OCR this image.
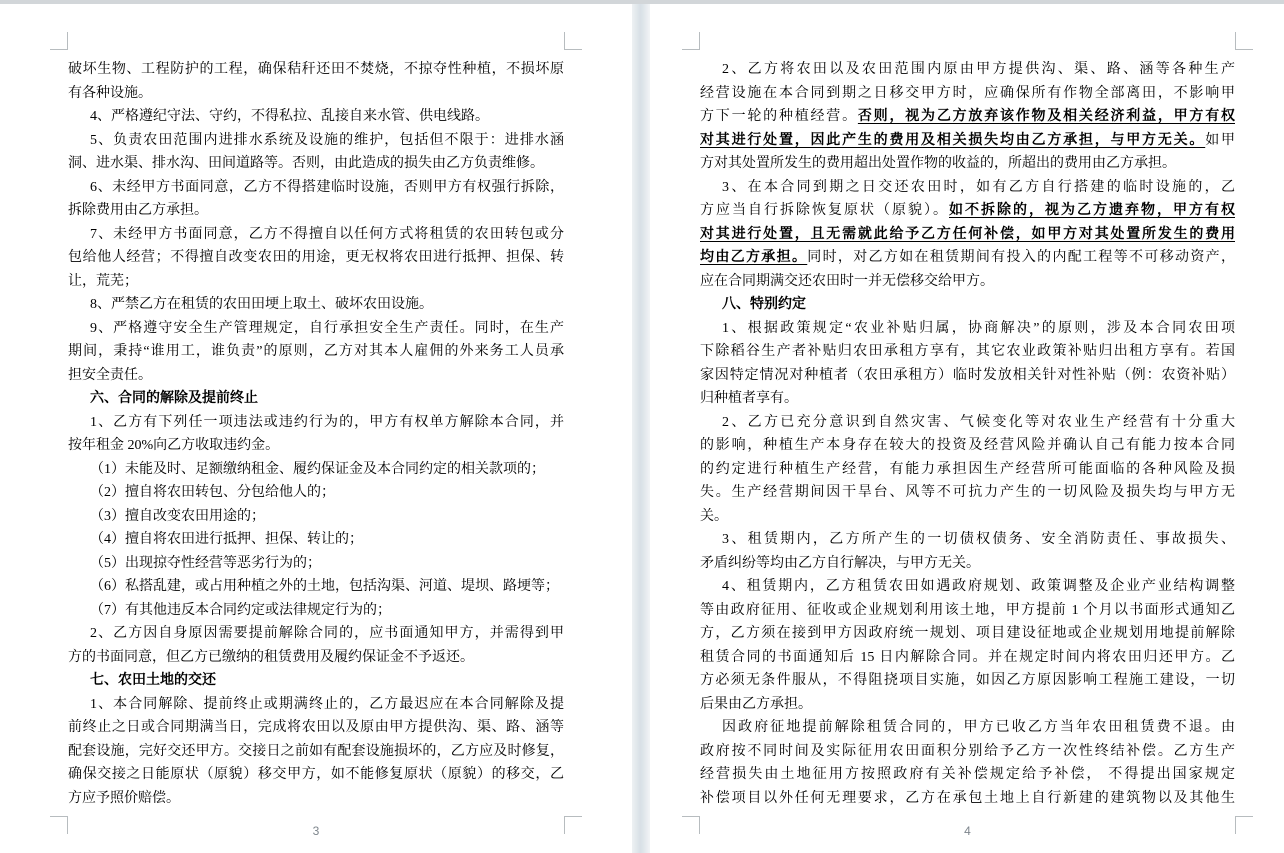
破坏生物、工程防护的工程，确保秸秆还田不焚烧，不掠夺性种植，不损坏原
有各种设施。
4、严格遵纪守法、守约，不得私拉、乱接自来水管、供电线路。
5、负责农田范围内进排水系统及设施的维护，包括但不限于：进排水涵
洞、进水渠、排水沟、田间道路等。否则，由此造成的损失由乙方负责维修。
6、未经甲方书面同意，乙方不得搭建临时设施，否则甲方有权强行拆除，
拆除费用由乙方承担。
7、未经甲方书面同意，乙方不得擅自以任何方式将租赁的农田转包或分
包给他人经营；不得擅自改变农田的用途，更无权将农田进行抵押、担保、转
让，荒芜；
8、严禁乙方在租赁的农田田埂上取土、破坏农田设施。
9、严格遵守安全生产管理规定，自行承担安全生产责任。同时，在生产
期间，秉持“谁用工，谁负责”的原则，乙方对其本人雇佣的外来务工人员承
担安全责任。
六、合同的解除及提前终止
1、乙方有下列任一项违法或违约行为的，甲方有权单方解除本合同，并
按年租金 20%向乙方收取违约金。
（1）未能及时、足额缴纳租金、履约保证金及本合同约定的相关款项的；
（2）擅自将农田转包、分包给他人的；
（3）擅自改变农田用途的；
（4）擅自将农田进行抵押、担保、转让的；
（5）出现掠夺性经营等恶劣行为的；
（6）私搭乱建，或占用种植之外的土地，包括沟渠、河道、堤坝、路埂等；
（7）有其他违反本合同约定或法律规定行为的；
2、乙方因自身原因需要提前解除合同的，应书面通知甲方，并需得到甲
方的书面同意，但乙方已缴纳的租赁费用及履约保证金不予返还。
七、农田土地的交还
1、本合同解除、提前终止或期满终止的，乙方最迟应在本合同解除及提
前终止之日或合同期满当日，完成将农田以及原由甲方提供沟、渠、路、涵等
配套设施，完好交还甲方。交接日之前如有配套设施损坏的，乙方应及时修复，
确保交接之日能原状（原貌）移交甲方，如不能修复原状（原貌）的移交，乙
方应予照价赔偿。
3
2、乙方将农田以及农田范围内原由甲方提供沟、渠、路、涵等各种生产
经营设施在本合同到期之日移交甲方时，应确保所有作物全部离田，不影响甲
方下一轮的种植经营。否则，视为乙方放弃该作物及相关经济利益，甲方有权
对其进行处置，因此产生的费用及相关损失均由乙方承担，与甲方无关。如甲
方对其处置所发生的费用超出处置作物的收益的，所超出的费用由乙方承担。
3、在本合同到期之日交还农田时，如有乙方自行搭建的临时设施的，乙
方应当自行拆除恢复原状（原貌）。如不拆除的，视为乙方遗弃物，甲方有权
对其进行处置，且无需就此给予乙方任何补偿，如甲方对其处置所发生的费用
均由乙方承担。同时，对乙方如在租赁期间有投入的内配工程等不可移动资产，
应在合同期满交还农田时一并无偿移交给甲方。
八、特别约定
1、根据政策规定“农业补贴归属，协商解决”的原则，涉及本合同农田项
下除稻谷生产者补贴归农田承租方享有，其它农业政策补贴归出租方享有。若国
家因特定情况对种植者（农田承租方）临时发放相关针对性补贴（例：农资补贴）
归种植者享有。
2、乙方已充分意识到自然灾害、气候变化等对农业生产经营有十分重大
的影响，种植生产本身存在较大的投资及经营风险并确认自己有能力按本合同
的约定进行种植生产经营，有能力承担因生产经营所可能面临的各种风险及损
失。生产经营期间因干旱台、风等不可抗力产生的一切风险及损失均与甲方无
关。
3、租赁期内，乙方所产生的一切债权债务、安全消防责任、事故损失、
矛盾纠纷等均由乙方自行解决，与甲方无关。
4、租赁期内，乙方租赁农田如遇政府规划、政策调整及企业产业结构调整
等由政府征用、征收或企业规划利用该土地，甲方提前 1 个月以书面形式通知乙
方，乙方须在接到甲方因政府统一规划、项目建设征地或企业规划用地提前解除
租赁合同的书面通知后 15 日内解除合同。并在规定时间内将农田归还甲方。乙
方必须无条件服从，不得阻挠项目实施，如因乙方原因影响工程施工建设，一切
后果由乙方承担。
因政府征地提前解除租赁合同的，甲方已收乙方当年农田租赁费不退。由
政府按不同时间及实际征用农田面积分别给予乙方一次性终结补偿。乙方生产
经营损失由土地征用方按照政府有关补偿规定给予补偿， 不得提出国家规定
补偿项目以外任何无理要求，乙方在承包土地上自行新建的建筑物以及其他生
4
